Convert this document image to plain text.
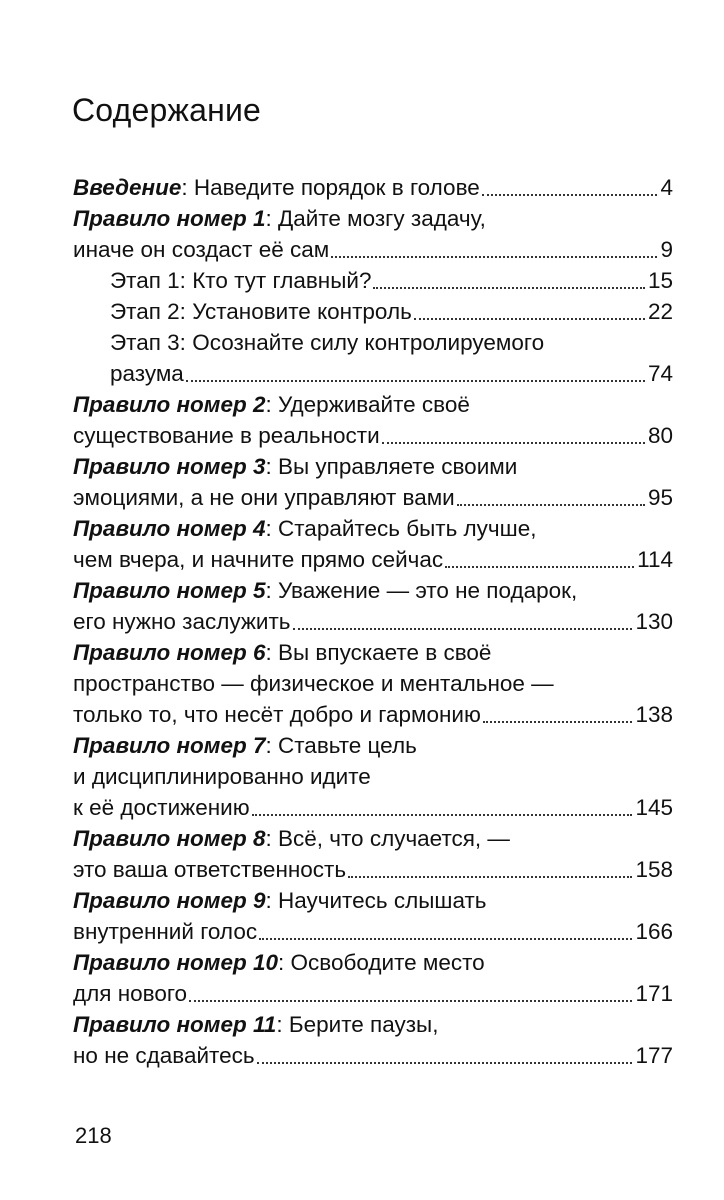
Содержание
Введение: Наведите порядок в голове	4
Правило номер 1: Дайте мозгу задачу,
иначе он создаст её сам	9
Этап 1: Кто тут главный?	15
Этап 2: Установите контроль	22
Этап 3: Осознайте силу контролируемого
разума	74
Правило номер 2: Удерживайте своё
существование в реальности	80
Правило номер 3: Вы управляете своими
эмоциями, а не они управляют вами	95
Правило номер 4: Старайтесь быть лучше,
чем вчера, и начните прямо сейчас	114
Правило номер 5: Уважение — это не подарок,
его нужно заслужить	130
Правило номер 6: Вы впускаете в своё
пространство — физическое и ментальное —
только то, что несёт добро и гармонию	138
Правило номер 7: Ставьте цель
и дисциплинированно идите
к её достижению	145
Правило номер 8: Всё, что случается, —
это ваша ответственность	158
Правило номер 9: Научитесь слышать
внутренний голос	166
Правило номер 10: Освободите место
для нового	171
Правило номер 11: Берите паузы,
но не сдавайтесь	177
218
